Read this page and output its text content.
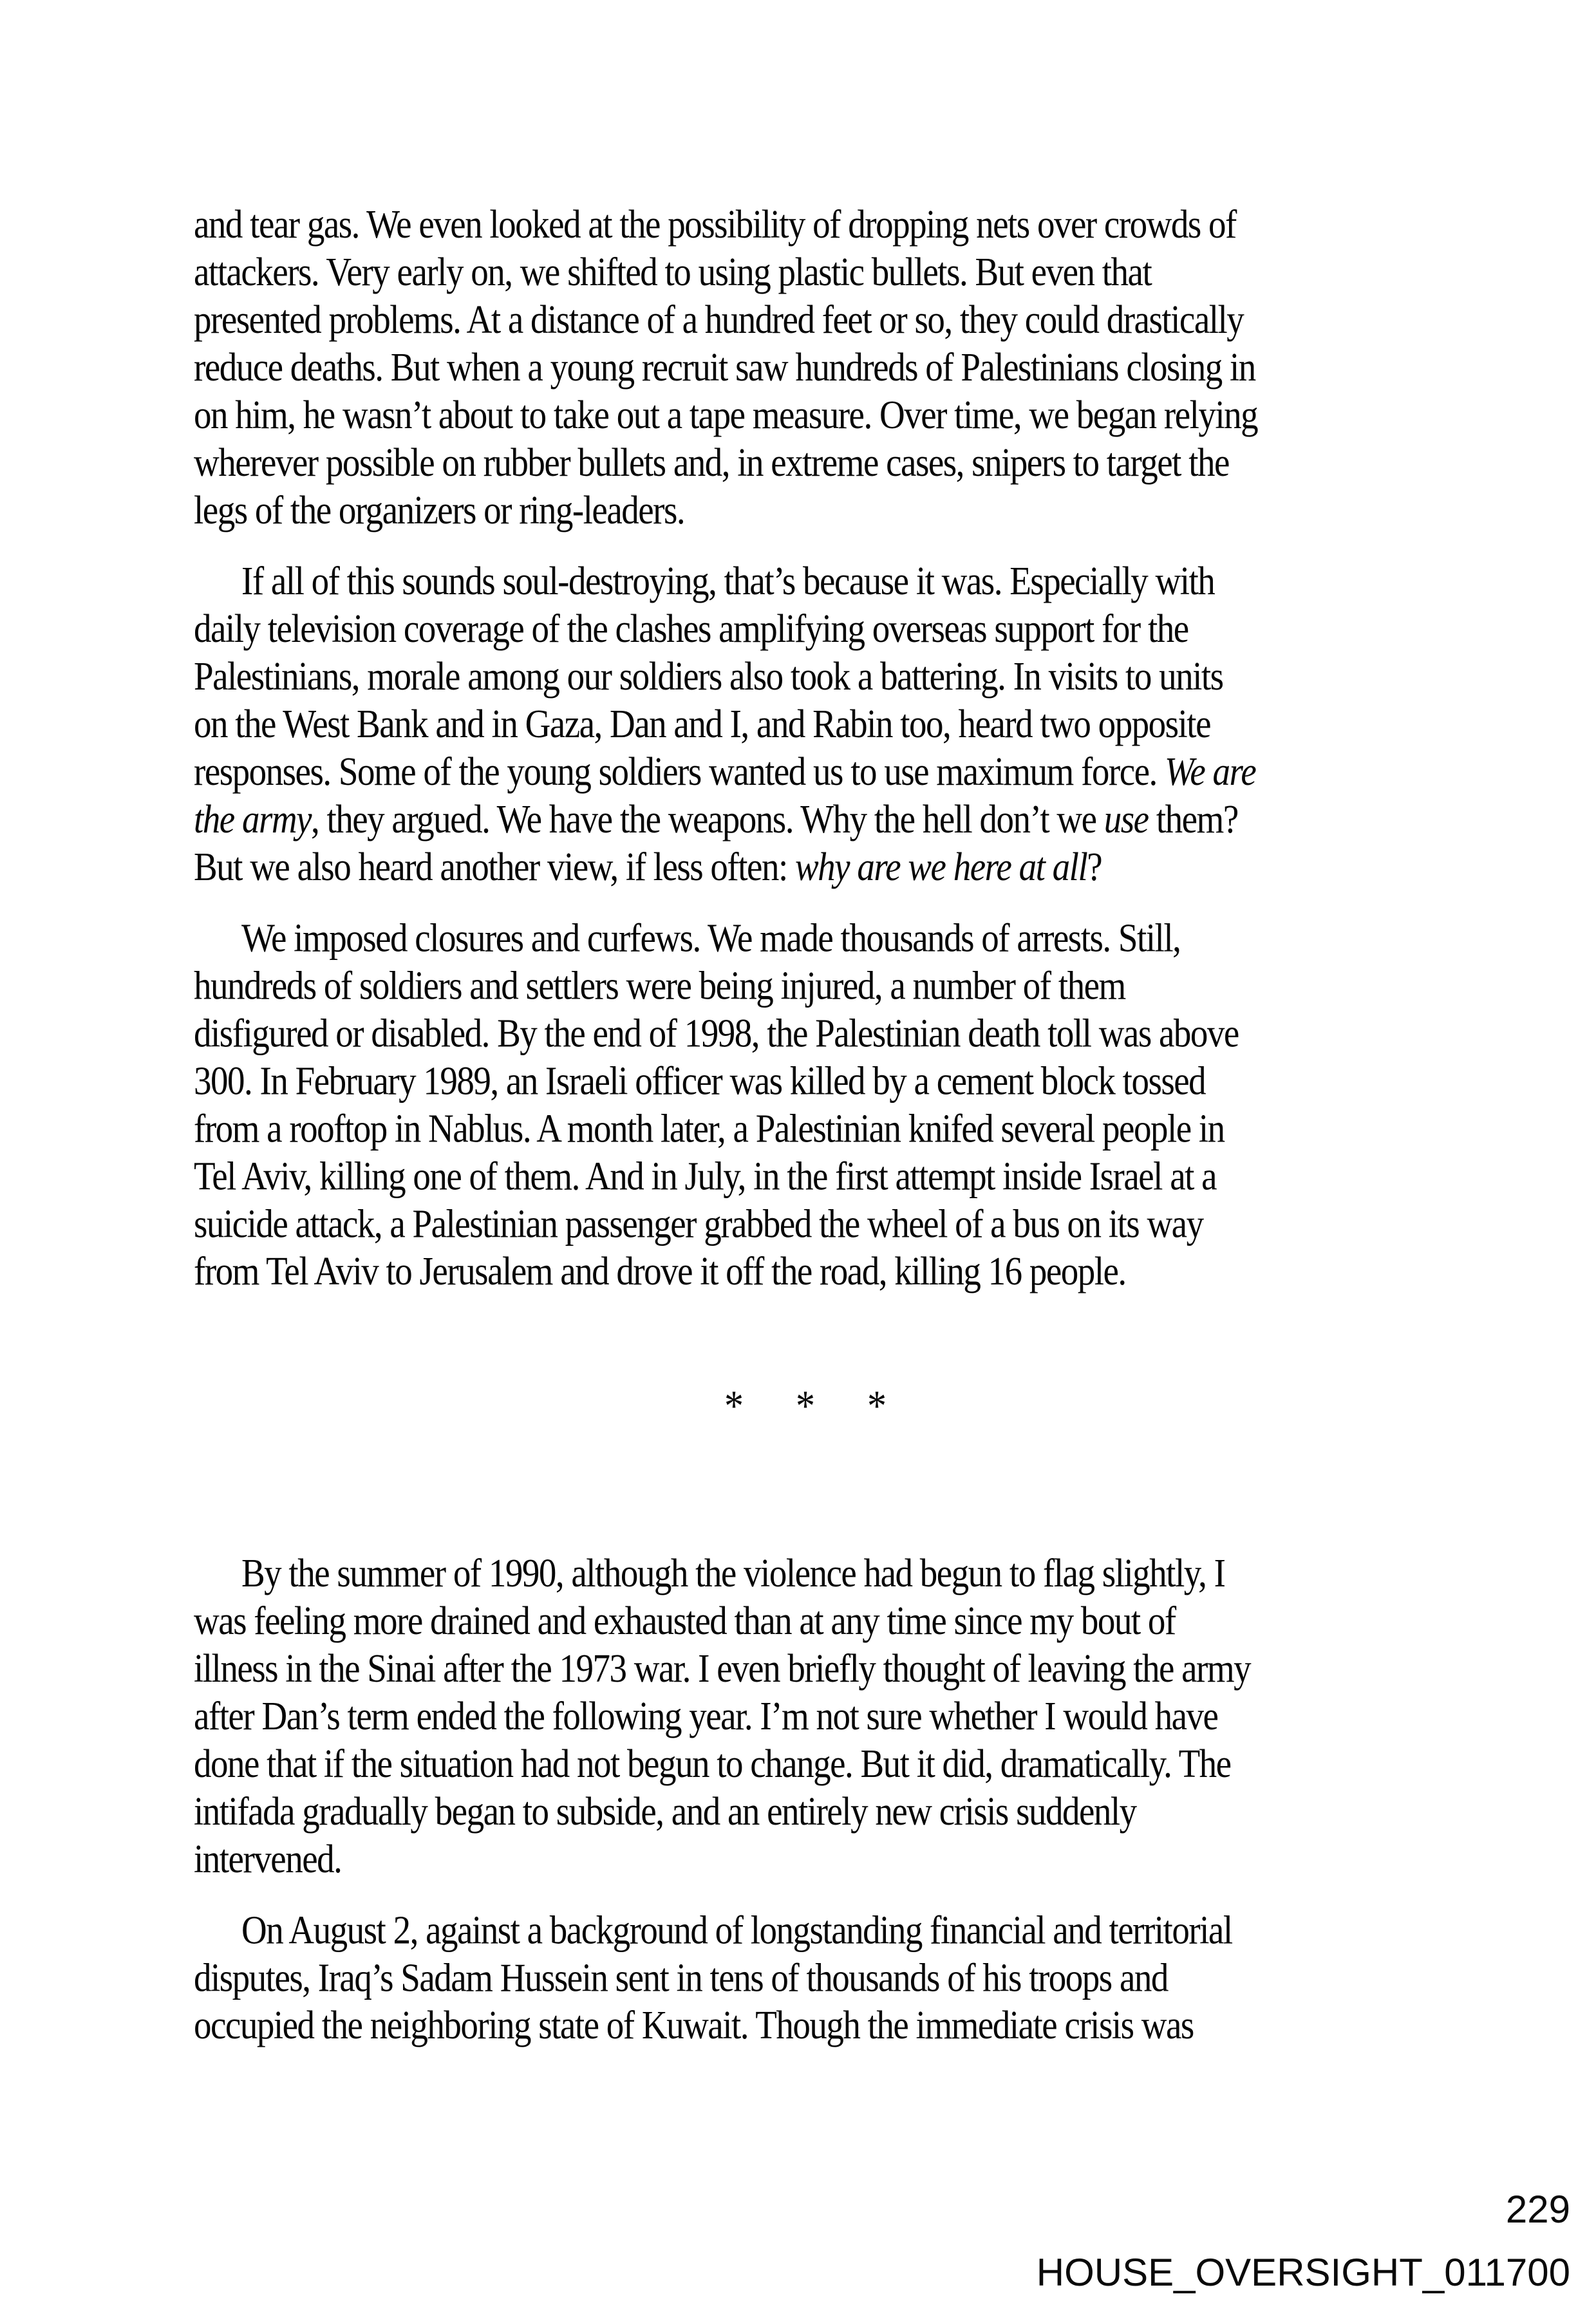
and tear gas. We even looked at the possibility of dropping nets over crowds of
attackers. Very early on, we shifted to using plastic bullets. But even that
presented problems. At a distance of a hundred feet or so, they could drastically
reduce deaths. But when a young recruit saw hundreds of Palestinians closing in
on him, he wasn’t about to take out a tape measure. Over time, we began relying
wherever possible on rubber bullets and, in extreme cases, snipers to target the
legs of the organizers or ring-leaders.
If all of this sounds soul-destroying, that’s because it was. Especially with
daily television coverage of the clashes amplifying overseas support for the
Palestinians, morale among our soldiers also took a battering. In visits to units
on the West Bank and in Gaza, Dan and I, and Rabin too, heard two opposite
responses. Some of the young soldiers wanted us to use maximum force. We are
the army, they argued. We have the weapons. Why the hell don’t we use them?
But we also heard another view, if less often: why are we here at all?
We imposed closures and curfews. We made thousands of arrests. Still,
hundreds of soldiers and settlers were being injured, a number of them
disfigured or disabled. By the end of 1998, the Palestinian death toll was above
300. In February 1989, an Israeli officer was killed by a cement block tossed
from a rooftop in Nablus. A month later, a Palestinian knifed several people in
Tel Aviv, killing one of them. And in July, in the first attempt inside Israel at a
suicide attack, a Palestinian passenger grabbed the wheel of a bus on its way
from Tel Aviv to Jerusalem and drove it off the road, killing 16 people.
* * *
By the summer of 1990, although the violence had begun to flag slightly, I
was feeling more drained and exhausted than at any time since my bout of
illness in the Sinai after the 1973 war. I even briefly thought of leaving the army
after Dan’s term ended the following year. I’m not sure whether I would have
done that if the situation had not begun to change. But it did, dramatically. The
intifada gradually began to subside, and an entirely new crisis suddenly
intervened.
On August 2, against a background of longstanding financial and territorial
disputes, Iraq’s Sadam Hussein sent in tens of thousands of his troops and
occupied the neighboring state of Kuwait. Though the immediate crisis was
229
HOUSE_OVERSIGHT_011700
